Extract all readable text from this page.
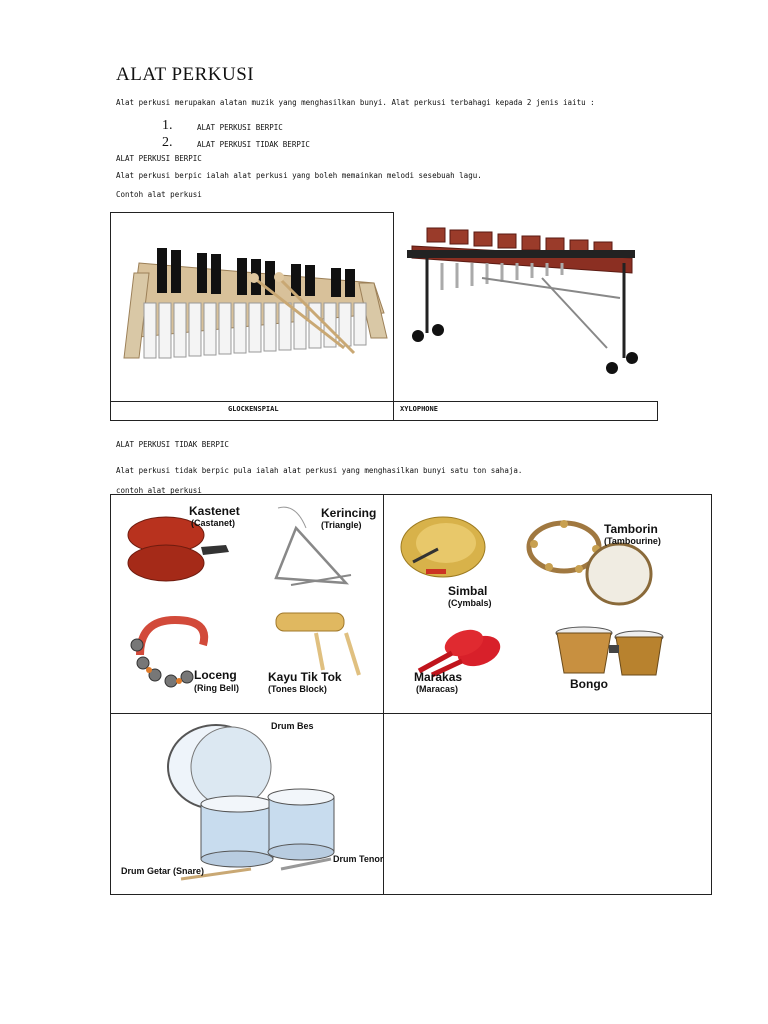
ALAT PERKUSI
Alat perkusi merupakan alatan muzik yang menghasilkan bunyi. Alat perkusi terbahagi kepada 2 jenis iaitu :
1.	ALAT PERKUSI BERPIC
2.	ALAT PERKUSI TIDAK BERPIC
ALAT PERKUSI BERPIC
Alat perkusi berpic ialah alat perkusi yang boleh memainkan melodi sesebuah lagu.
Contoh alat perkusi
GLOCKENSPIAL	XYLOPHONE
ALAT PERKUSI TIDAK BERPIC
Alat perkusi tidak berpic pula ialah alat perkusi yang menghasilkan bunyi satu ton sahaja.
contoh alat perkusi
Kastenet
(Castanet)
Kerincing
(Triangle)
Loceng
(Ring Bell)
Kayu Tik Tok
(Tones Block)
Simbal
(Cymbals)
Tamborin
(Tambourine)
Marakas
(Maracas)	Bongo
Drum Bes
Drum Tenor
Drum Getar (Snare)
